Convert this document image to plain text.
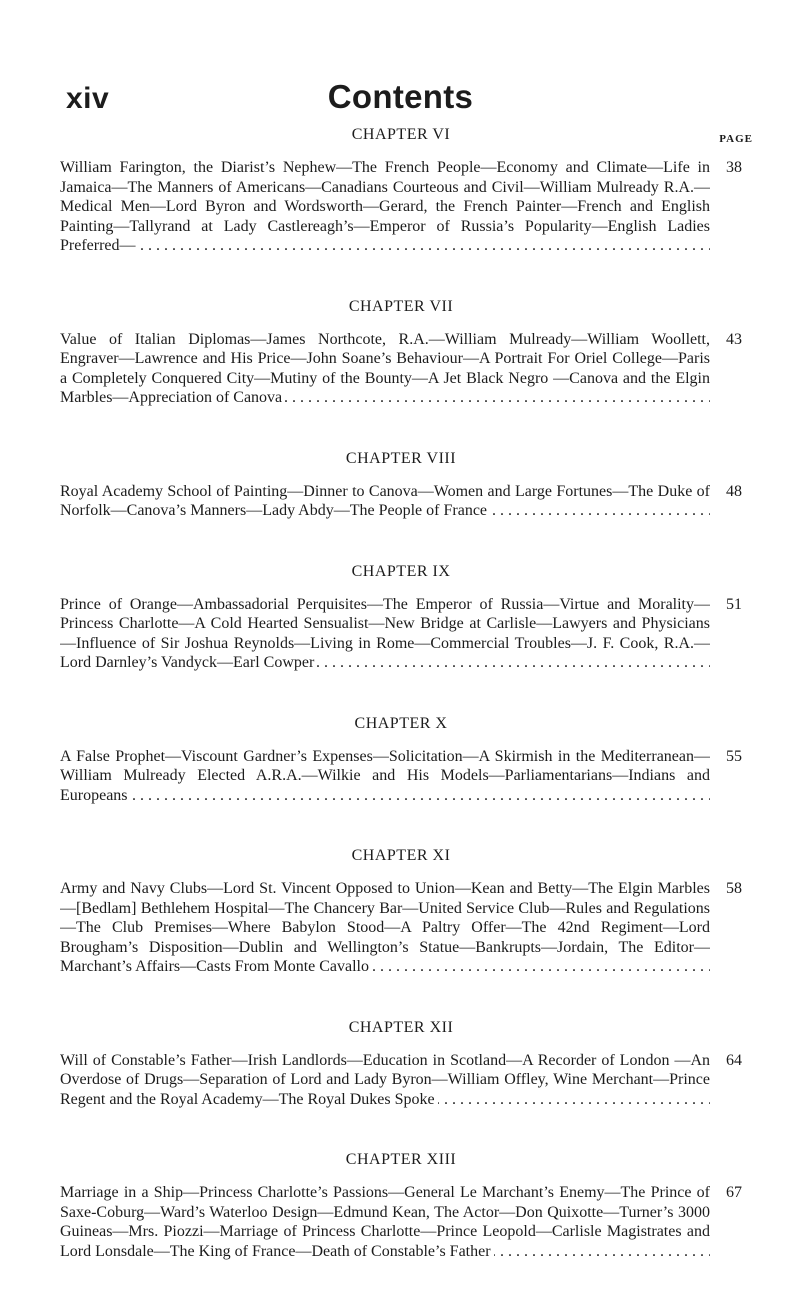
xiv	Contents
PAGE
CHAPTER VI
William Farington, the Diarist’s Nephew—The French People—Economy and Climate—Life in Jamaica—The Manners of Americans—Canadians Courteous and Civil—William Mulready R.A.—Medical Men—Lord Byron and Wordsworth—Gerard, the French Painter—French and English Painting—Tallyrand at Lady Castlereagh’s—Emperor of Russia’s Popularity—English Ladies Preferred— . . .
38
CHAPTER VII
Value of Italian Diplomas—James Northcote, R.A.—William Mulready—William Woollett, Engraver—Lawrence and His Price—John Soane’s Behaviour—A Portrait For Oriel College—Paris a Completely Conquered City—Mutiny of the Bounty—A Jet Black Negro —Canova and the Elgin Marbles—Appreciation of Canova . . .
43
CHAPTER VIII
Royal Academy School of Painting—Dinner to Canova—Women and Large Fortunes—The Duke of Norfolk—Canova’s Manners—Lady Abdy—The People of France . . .
48
CHAPTER IX
Prince of Orange—Ambassadorial Perquisites—The Emperor of Russia—Virtue and Morality—Princess Charlotte—A Cold Hearted Sensualist—New Bridge at Carlisle—Lawyers and Physicians—Influence of Sir Joshua Reynolds—Living in Rome—Commercial Troubles—J. F. Cook, R.A.—Lord Darnley’s Vandyck—Earl Cowper . . .
51
CHAPTER X
A False Prophet—Viscount Gardner’s Expenses—Solicitation—A Skirmish in the Mediterranean—William Mulready Elected A.R.A.—Wilkie and His Models—Parliamentarians—Indians and Europeans . . .
55
CHAPTER XI
Army and Navy Clubs—Lord St. Vincent Opposed to Union—Kean and Betty—The Elgin Marbles—[Bedlam] Bethlehem Hospital—The Chancery Bar—United Service Club—Rules and Regulations—The Club Premises—Where Babylon Stood—A Paltry Offer—The 42nd Regiment—Lord Brougham’s Disposition—Dublin and Wellington’s Statue—Bankrupts—Jordain, The Editor—Marchant’s Affairs—Casts From Monte Cavallo . . .
58
CHAPTER XII
Will of Constable’s Father—Irish Landlords—Education in Scotland—A Recorder of London —An Overdose of Drugs—Separation of Lord and Lady Byron—William Offley, Wine Merchant—Prince Regent and the Royal Academy—The Royal Dukes Spoke . . .
64
CHAPTER XIII
Marriage in a Ship—Princess Charlotte’s Passions—General Le Marchant’s Enemy—The Prince of Saxe-Coburg—Ward’s Waterloo Design—Edmund Kean, The Actor—Don Quixotte—Turner’s 3000 Guineas—Mrs. Piozzi—Marriage of Princess Charlotte—Prince Leopold—Carlisle Magistrates and Lord Lonsdale—The King of France—Death of Constable’s Father . . .
67
